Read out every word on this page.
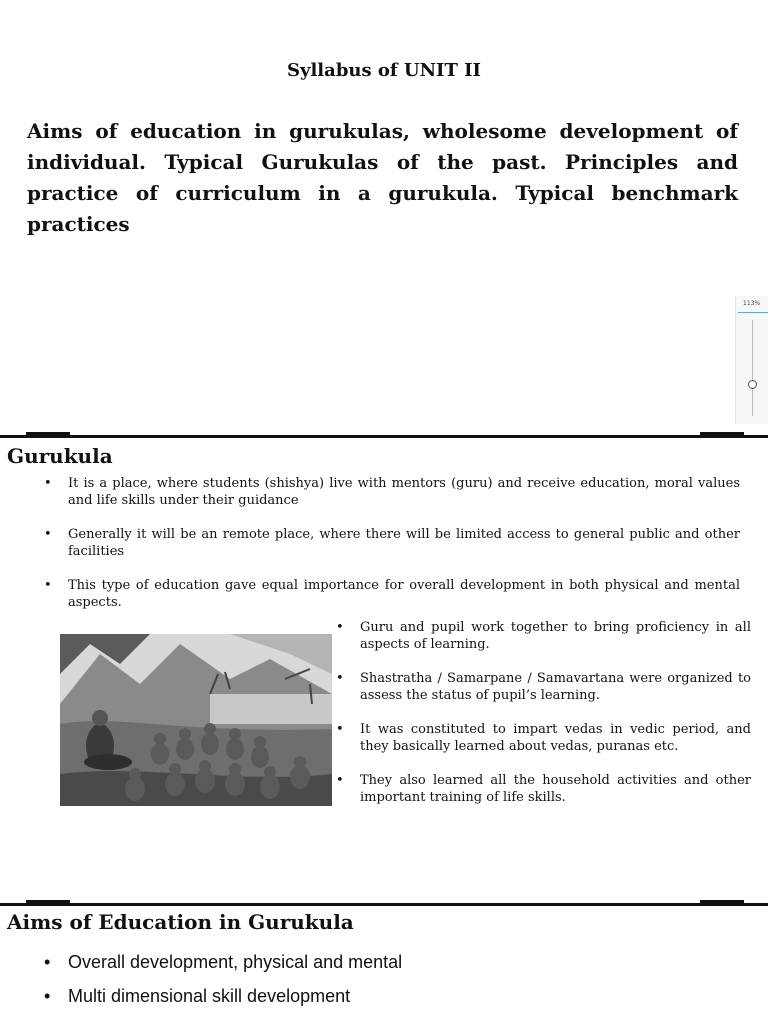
Syllabus of UNIT II
Aims of education in gurukulas, wholesome development of individual. Typical Gurukulas of the past. Principles and practice of curriculum in a gurukula. Typical benchmark practices
113%
Gurukula
• It is a place, where students (shishya) live with mentors (guru) and receive education, moral values and life skills under their guidance
• Generally it will be an remote place, where there will be limited access to general public and other facilities
• This type of education gave equal importance for overall development in both physical and mental aspects.
• Guru and pupil work together to bring proficiency in all aspects of learning.
• Shastratha / Samarpane / Samavartana were organized to assess the status of pupil’s learning.
• It was constituted to impart vedas in vedic period, and they basically learned about vedas, puranas etc.
• They also learned all the household activities and other important training of life skills.
Aims of Education in Gurukula
• Overall development, physical and mental
• Multi dimensional skill development
